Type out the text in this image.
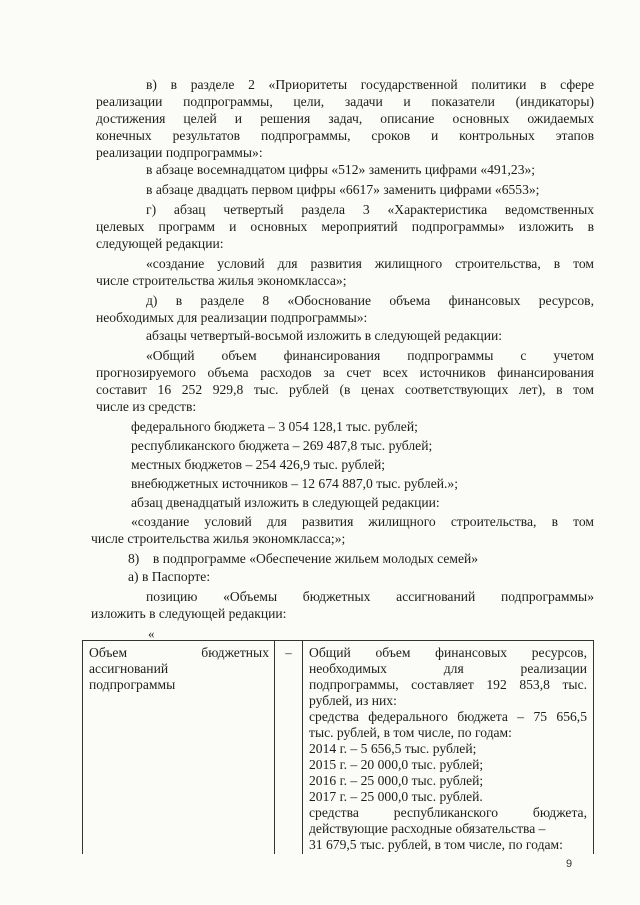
в) в разделе 2 «Приоритеты государственной политики в сфере
реализации подпрограммы, цели, задачи и показатели (индикаторы)
достижения целей и решения задач, описание основных ожидаемых
конечных результатов подпрограммы, сроков и контрольных этапов
реализации подпрограммы»:
в абзаце восемнадцатом цифры «512» заменить цифрами «491,23»;
в абзаце двадцать первом цифры «6617» заменить цифрами «6553»;
г) абзац четвертый раздела 3 «Характеристика ведомственных
целевых программ и основных мероприятий подпрограммы» изложить в
следующей редакции:
«создание условий для развития жилищного строительства, в том
числе строительства жилья экономкласса»;
д) в разделе 8 «Обоснование объема финансовых ресурсов,
необходимых для реализации подпрограммы»:
абзацы четвертый-восьмой изложить в следующей редакции:
«Общий объем финансирования подпрограммы с учетом
прогнозируемого объема расходов за счет всех источников финансирования
составит 16 252 929,8 тыс. рублей (в ценах соответствующих лет), в том
числе из средств:
федерального бюджета – 3 054 128,1 тыс. рублей;
республиканского бюджета – 269 487,8 тыс. рублей;
местных бюджетов – 254 426,9 тыс. рублей;
внебюджетных источников – 12 674 887,0 тыс. рублей.»;
абзац двенадцатый изложить в следующей редакции:
«создание условий для развития жилищного строительства, в том
числе строительства жилья экономкласса;»;
8)    в подпрограмме «Обеспечение жильем молодых семей»
а) в Паспорте:
позицию «Объемы бюджетных ассигнований подпрограммы»
изложить в следующей редакции:
«
Объем бюджетных
ассигнований
подпрограммы
–	Общий объем финансовых ресурсов,
необходимых для реализации
подпрограммы, составляет 192 853,8 тыс.
рублей, из них:
средства федерального бюджета – 75 656,5
тыс. рублей, в том числе, по годам:
2014 г. – 5 656,5 тыс. рублей;
2015 г. – 20 000,0 тыс. рублей;
2016 г. – 25 000,0 тыс. рублей;
2017 г. – 25 000,0 тыс. рублей.
средства республиканского бюджета,
действующие расходные обязательства –
31 679,5 тыс. рублей, в том числе, по годам:
9
